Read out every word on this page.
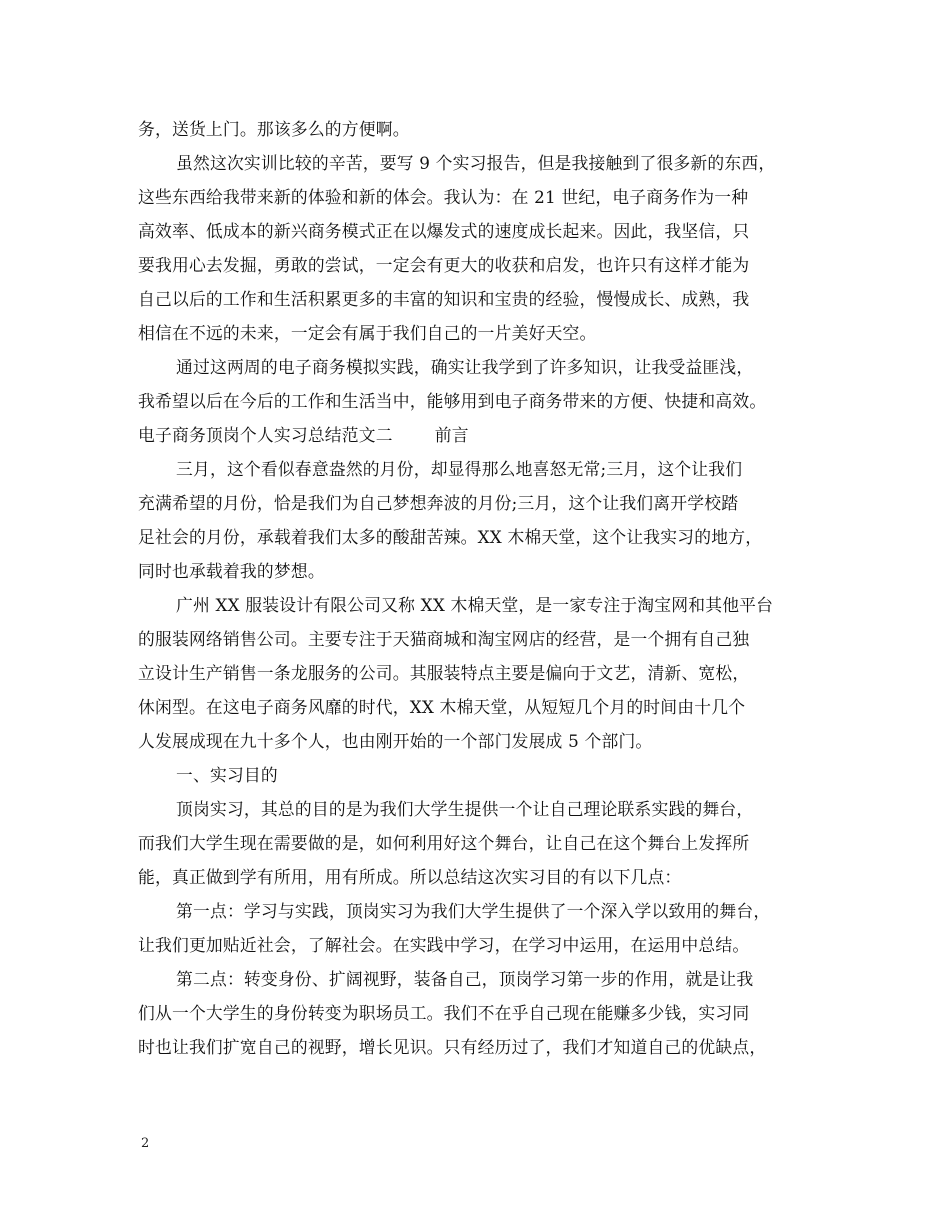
务，送货上门。那该多么的方便啊。
虽然这次实训比较的辛苦，要写 9 个实习报告，但是我接触到了很多新的东西，
这些东西给我带来新的体验和新的体会。我认为：在 21 世纪，电子商务作为一种
高效率、低成本的新兴商务模式正在以爆发式的速度成长起来。因此，我坚信，只
要我用心去发掘，勇敢的尝试，一定会有更大的收获和启发，也许只有这样才能为
自己以后的工作和生活积累更多的丰富的知识和宝贵的经验，慢慢成长、成熟，我
相信在不远的未来，一定会有属于我们自己的一片美好天空。
通过这两周的电子商务模拟实践，确实让我学到了许多知识，让我受益匪浅，
我希望以后在今后的工作和生活当中，能够用到电子商务带来的方便、快捷和高效。
电子商务顶岗个人实习总结范文二	前言
三月，这个看似春意盎然的月份，却显得那么地喜怒无常;三月，这个让我们
充满希望的月份，恰是我们为自己梦想奔波的月份;三月，这个让我们离开学校踏
足社会的月份，承载着我们太多的酸甜苦辣。XX 木棉天堂，这个让我实习的地方，
同时也承载着我的梦想。
广州 XX 服装设计有限公司又称 XX 木棉天堂，是一家专注于淘宝网和其他平台
的服装网络销售公司。主要专注于天猫商城和淘宝网店的经营，是一个拥有自己独
立设计生产销售一条龙服务的公司。其服装特点主要是偏向于文艺，清新、宽松，
休闲型。在这电子商务风靡的时代，XX 木棉天堂，从短短几个月的时间由十几个
人发展成现在九十多个人，也由刚开始的一个部门发展成 5 个部门。
一、实习目的
顶岗实习，其总的目的是为我们大学生提供一个让自己理论联系实践的舞台，
而我们大学生现在需要做的是，如何利用好这个舞台，让自己在这个舞台上发挥所
能，真正做到学有所用，用有所成。所以总结这次实习目的有以下几点：
第一点：学习与实践，顶岗实习为我们大学生提供了一个深入学以致用的舞台，
让我们更加贴近社会，了解社会。在实践中学习，在学习中运用，在运用中总结。
第二点：转变身份、扩阔视野，装备自己，顶岗学习第一步的作用，就是让我
们从一个大学生的身份转变为职场员工。我们不在乎自己现在能赚多少钱，实习同
时也让我们扩宽自己的视野，增长见识。只有经历过了，我们才知道自己的优缺点，
2
